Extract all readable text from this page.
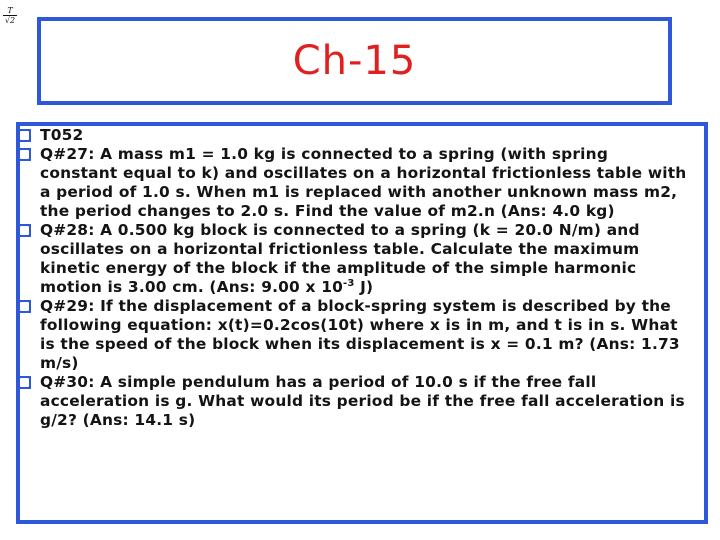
$\frac{T}{√2}$
Ch-15
T052
Q#27: A mass m1 = 1.0 kg is connected to a spring (with spring constant equal to k) and oscillates on a horizontal frictionless table with a period of 1.0 s. When m1 is replaced with another unknown mass m2, the period changes to 2.0 s. Find the value of m2.n (Ans: 4.0 kg)
Q#28: A 0.500 kg block is connected to a spring (k = 20.0 N/m) and oscillates on a horizontal frictionless table. Calculate the maximum kinetic energy of the block if the amplitude of the simple harmonic motion is 3.00 cm. (Ans: 9.00 x $10^{-3}$ J)
Q#29: If the displacement of a block-spring system is described by the following equation: x(t)=0.2cos(10t) where x is in m, and t is in s. What is the speed of the block when its displacement is x = 0.1 m? (Ans: 1.73 m/s)
Q#30: A simple pendulum has a period of 10.0 s if the free fall acceleration is g. What would its period be if the free fall acceleration is g/2? (Ans: 14.1 s)
